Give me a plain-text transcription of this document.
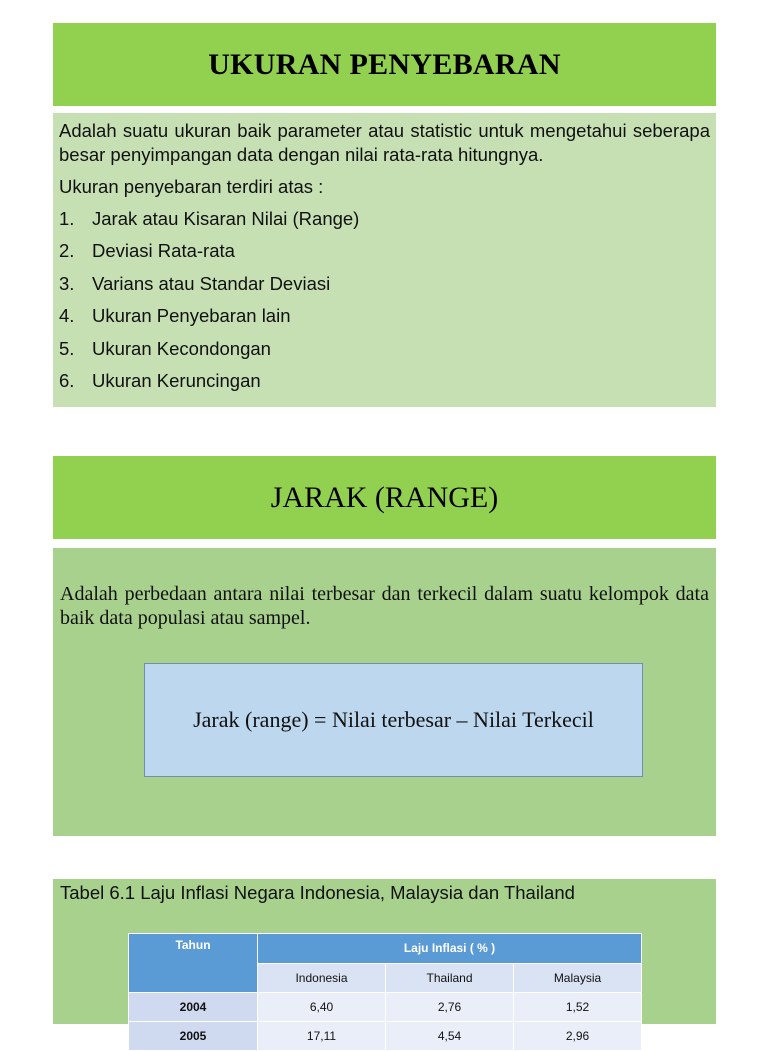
UKURAN PENYEBARAN

Adalah suatu ukuran baik parameter atau statistic untuk mengetahui seberapa besar penyimpangan data dengan nilai rata-rata hitungnya.

Ukuran penyebaran terdiri atas :

1. Jarak atau Kisaran Nilai (Range)
2. Deviasi Rata-rata
3. Varians atau Standar Deviasi
4. Ukuran Penyebaran lain
5. Ukuran Kecondongan
6. Ukuran Keruncingan
JARAK (RANGE)

Adalah perbedaan antara nilai terbesar dan terkecil dalam suatu kelompok data baik data populasi atau sampel.

Jarak (range) = Nilai terbesar – Nilai Terkecil
Tabel 6.1 Laju Inflasi Negara Indonesia, Malaysia dan Thailand
Tahun	Laju Inflasi ( % )		
	Indonesia	Thailand	Malaysia
2004	6,40	2,76	1,52
2005	17,11	4,54	2,96
